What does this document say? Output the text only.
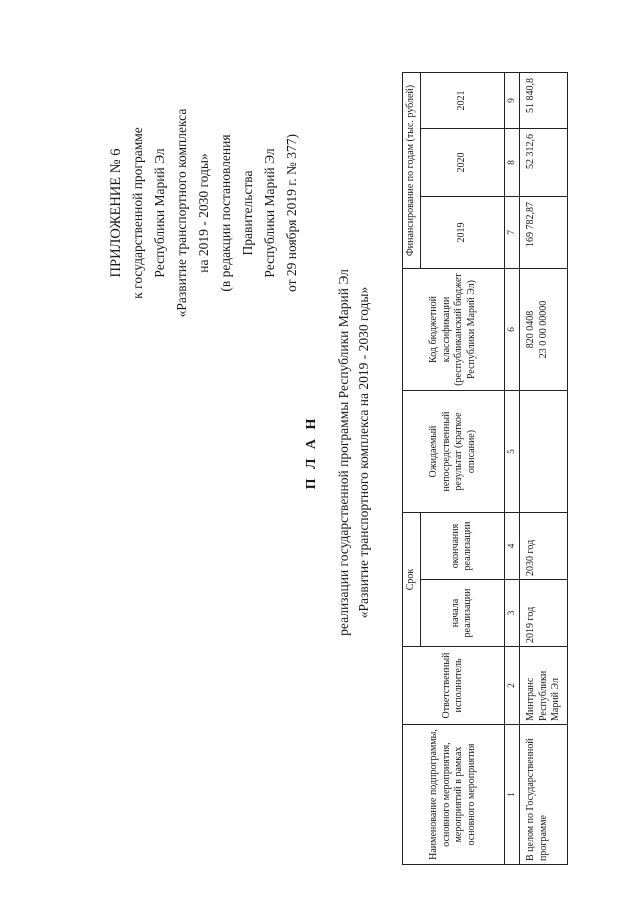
ПРИЛОЖЕНИЕ № 6 к государственной программе Республики Марий Эл «Развитие транспортного комплекса на 2019 - 2030 годы» (в редакции постановления Правительства Республики Марий Эл от 29 ноября 2019 г. № 377)
П Л А Н реализации государственной программы Республики Марий Эл «Развитие транспортного комплекса на 2019 - 2030 годы»
Наименование подпрограммы, основного мероприятия, мероприятий в рамках основного мероприятия	Ответственный исполнитель	Срок		Ожидаемый непосредственный результат (краткое описание)	Код бюджетной классификации (республиканский бюджет Республики Марий Эл)	Финансирование по годам (тыс. рублей)		
		начала реализации	окончания реализации			2019	2020	2021
1	2	3	4	5	6	7	8	9
В целом по Государственной программе	Минтранс Республики Марий Эл	2019 год	2030 год		820 0408 23 0 00 00000	169 782,87	52 312,6	51 840,8
